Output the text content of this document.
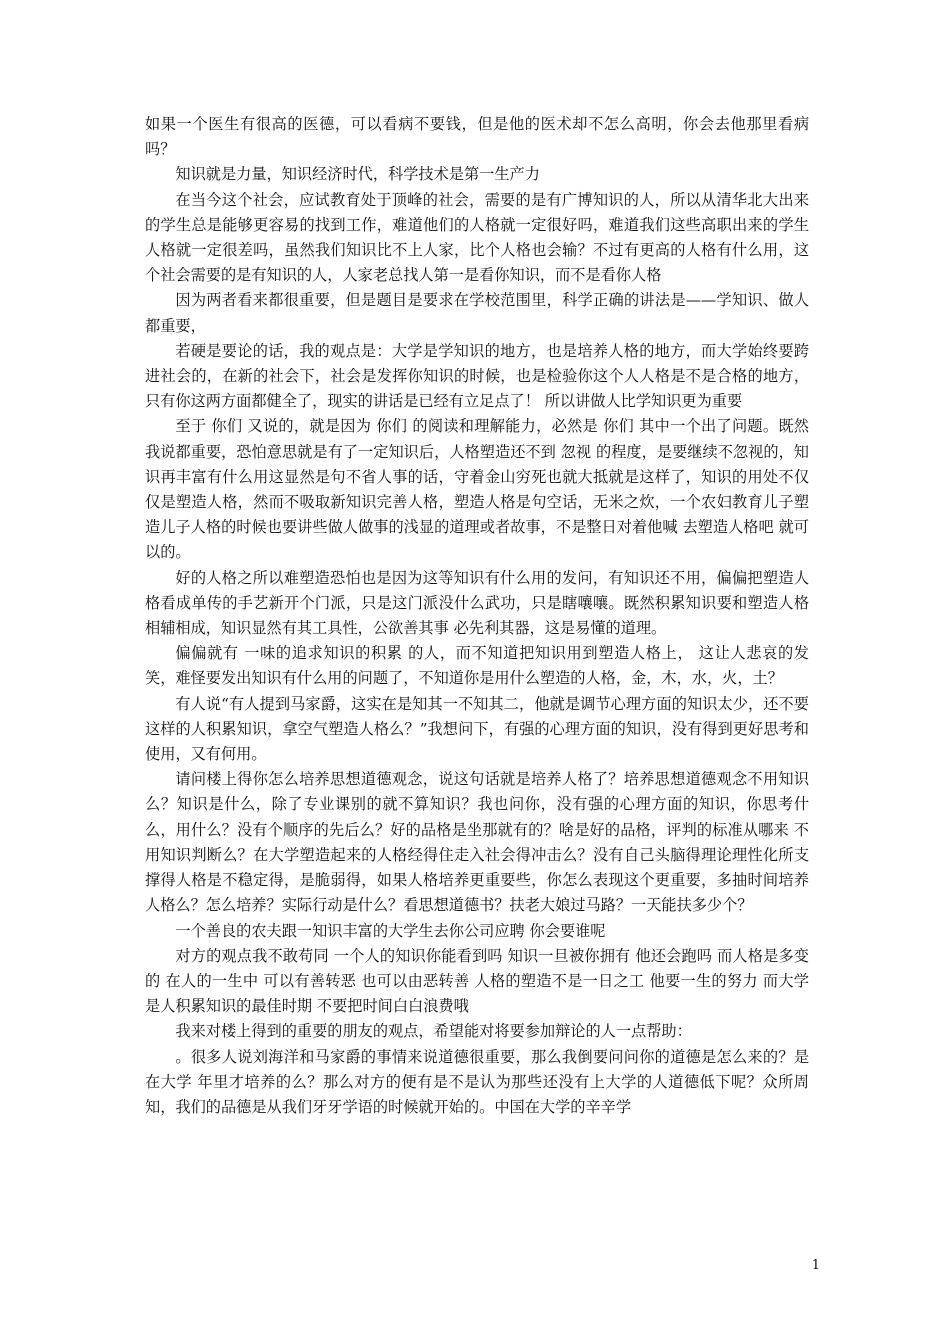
如果一个医生有很高的医德，可以看病不要钱，但是他的医术却不怎么高明，你会去他那里看病吗？

知识就是力量，知识经济时代，科学技术是第一生产力

在当今这个社会，应试教育处于顶峰的社会，需要的是有广博知识的人，所以从清华北大出来的学生总是能够更容易的找到工作，难道他们的人格就一定很好吗，难道我们这些高职出来的学生人格就一定很差吗，虽然我们知识比不上人家，比个人格也会输？不过有更高的人格有什么用，这个社会需要的是有知识的人，人家老总找人第一是看你知识，而不是看你人格

因为两者看来都很重要，但是题目是要求在学校范围里，科学正确的讲法是——学知识、做人都重要，

若硬是要论的话，我的观点是：大学是学知识的地方，也是培养人格的地方，而大学始终要跨进社会的，在新的社会下，社会是发挥你知识的时候，也是检验你这个人人格是不是合格的地方，只有你这两方面都健全了，现实的讲话是已经有立足点了！ 所以讲做人比学知识更为重要

至于 你们 又说的，就是因为 你们 的阅读和理解能力，必然是 你们 其中一个出了问题。既然我说都重要，恐怕意思就是有了一定知识后，人格塑造还不到 忽视 的程度，是要继续不忽视的，知识再丰富有什么用这显然是句不省人事的话，守着金山穷死也就大抵就是这样了，知识的用处不仅仅是塑造人格，然而不吸取新知识完善人格，塑造人格是句空话，无米之炊，一个农妇教育儿子塑造儿子人格的时候也要讲些做人做事的浅显的道理或者故事，不是整日对着他喊 去塑造人格吧 就可以的。

好的人格之所以难塑造恐怕也是因为这等知识有什么用的发问，有知识还不用，偏偏把塑造人格看成单传的手艺新开个门派，只是这门派没什么武功，只是瞎嚷嚷。既然积累知识要和塑造人格相辅相成，知识显然有其工具性，公欲善其事 必先利其器，这是易懂的道理。

偏偏就有 一味的追求知识的积累 的人，而不知道把知识用到塑造人格上， 这让人悲哀的发笑，难怪要发出知识有什么用的问题了，不知道你是用什么塑造的人格，金，木，水，火，土？

有人说“有人提到马家爵，这实在是知其一不知其二，他就是调节心理方面的知识太少，还不要这样的人积累知识，拿空气塑造人格么？”我想问下，有强的心理方面的知识，没有得到更好思考和使用，又有何用。

请问楼上得你怎么培养思想道德观念，说这句话就是培养人格了？培养思想道德观念不用知识么？知识是什么，除了专业课别的就不算知识？我也问你，没有强的心理方面的知识，你思考什么，用什么？没有个顺序的先后么？好的品格是坐那就有的？啥是好的品格，评判的标准从哪来 不用知识判断么？在大学塑造起来的人格经得住走入社会得冲击么？没有自己头脑得理论理性化所支撑得人格是不稳定得，是脆弱得，如果人格培养更重要些，你怎么表现这个更重要，多抽时间培养人格么？怎么培养？实际行动是什么？看思想道德书？扶老大娘过马路？一天能扶多少个？

一个善良的农夫跟一知识丰富的大学生去你公司应聘 你会要谁呢

对方的观点我不敢苟同 一个人的知识你能看到吗 知识一旦被你拥有 他还会跑吗 而人格是多变的 在人的一生中 可以有善转恶 也可以由恶转善 人格的塑造不是一日之工 他要一生的努力 而大学是人积累知识的最佳时期 不要把时间白白浪费哦

我来对楼上得到的重要的朋友的观点，希望能对将要参加辩论的人一点帮助：

。很多人说刘海洋和马家爵的事情来说道德很重要，那么我倒要问问你的道德是怎么来的？是在大学 年里才培养的么？那么对方的便有是不是认为那些还没有上大学的人道德低下呢？众所周知，我们的品德是从我们牙牙学语的时候就开始的。中国在大学的辛辛学

1
